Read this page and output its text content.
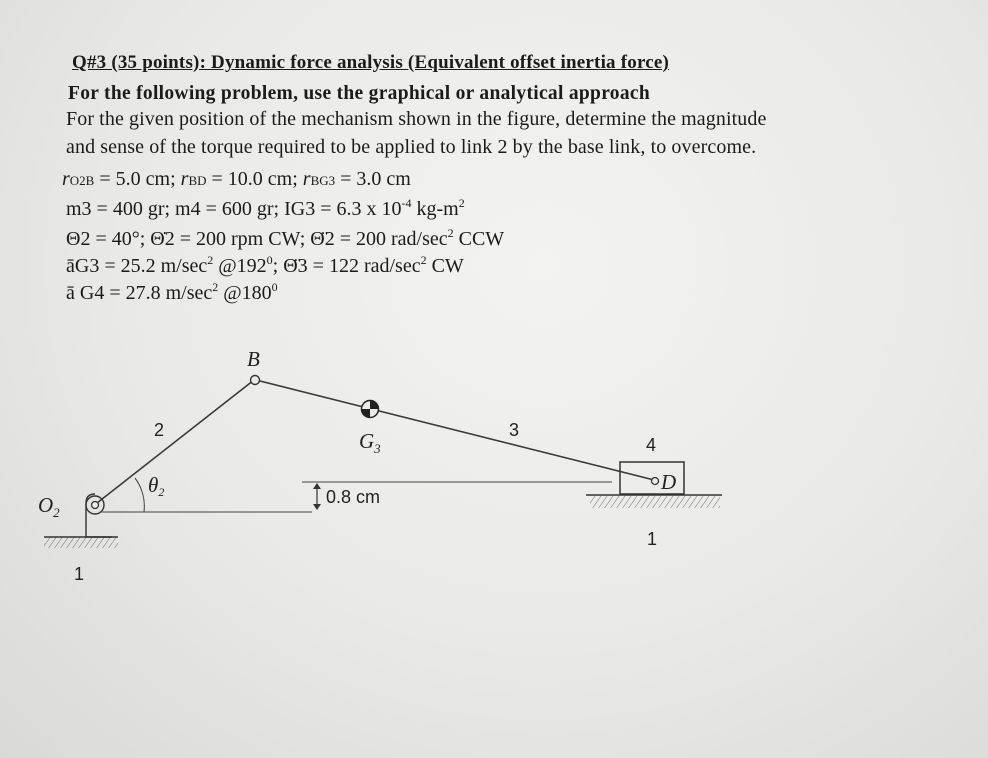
Q#3 (35 points): Dynamic force analysis (Equivalent offset inertia force)
For the following problem, use the graphical or analytical approach
For the given position of the mechanism shown in the figure, determine the magnitude
and sense of the torque required to be applied to link 2 by the base link, to overcome.
rO2B = 5.0 cm; rBD = 10.0 cm; rBG3 = 3.0 cm
m3 = 400 gr; m4 = 600 gr; IG3 = 6.3 x $10^{-4}$ $kg-m^2$
Θ2 = 40°; Θ̇2 = 200 rpm CW; Θ̈2 = 200 rad/$\sec^2$ CCW
āG3 = 25.2 $m/\sec^2$ $@192^0$; Θ̈3 = 122 rad/$\sec^2$ CW
ā G4 = 27.8 $m/\sec^2$ $@180^0$
B
2	3
4
$G_3$
θ2
$O_2$
D
0.8 cm
1
1
